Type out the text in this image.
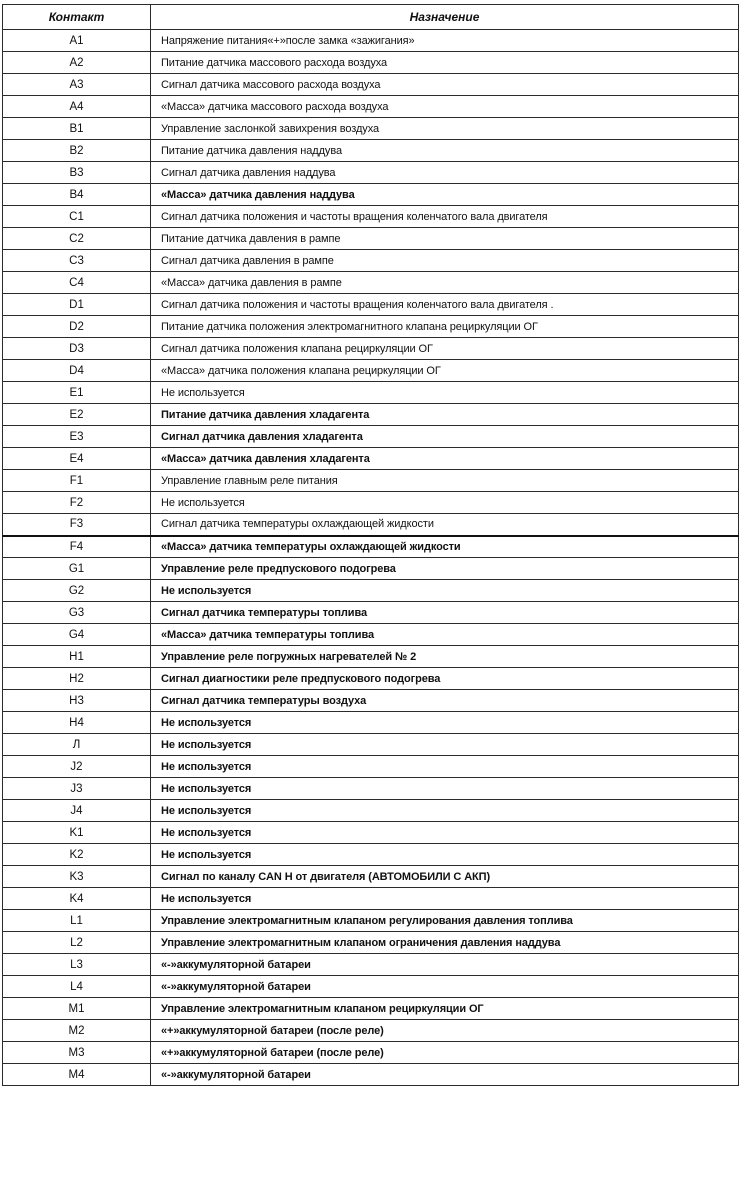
Контакт	Назначение
A1	Напряжение питания«+»после замка «зажигания»
A2	Питание датчика массового расхода воздуха
A3	Сигнал датчика массового расхода воздуха
A4	«Масса» датчика массового расхода воздуха
B1	Управление заслонкой завихрения воздуха
B2	Питание датчика давления наддува
B3	Сигнал датчика давления наддува
B4	«Масса» датчика давления наддува
C1	Сигнал датчика положения и частоты вращения коленчатого вала двигателя
C2	Питание датчика давления в рампе
C3	Сигнал датчика давления в рампе
C4	«Масса» датчика давления в рампе
D1	Сигнал датчика положения и частоты вращения коленчатого вала двигателя .
D2	Питание датчика положения электромагнитного клапана рециркуляции ОГ
D3	Сигнал датчика положения клапана рециркуляции ОГ
D4	«Масса» датчика положения клапана рециркуляции ОГ
E1	Не используется
E2	Питание датчика давления хладагента
E3	Сигнал датчика давления хладагента
E4	«Масса» датчика давления хладагента
F1	Управление главным реле питания
F2	Не используется
F3	Сигнал датчика температуры охлаждающей жидкости
F4	«Масса» датчика температуры охлаждающей жидкости
G1	Управление реле предпускового подогрева
G2	Не используется
G3	Сигнал датчика температуры топлива
G4	«Масса» датчика температуры топлива
H1	Управление реле погружных нагревателей № 2
H2	Сигнал диагностики реле предпускового подогрева
H3	Сигнал датчика температуры воздуха
H4	Не используется
Л	Не используется
J2	Не используется
J3	Не используется
J4	Не используется
K1	Не используется
K2	Не используется
K3	Сигнал по каналу CAN H от двигателя (АВТОМОБИЛИ С АКП)
K4	Не используется
L1	Управление электромагнитным клапаном регулирования давления топлива
L2	Управление электромагнитным клапаном ограничения давления наддува
L3	«-»аккумуляторной батареи
L4	«-»аккумуляторной батареи
M1	Управление электромагнитным клапаном рециркуляции ОГ
M2	«+»аккумуляторной батареи (после реле)
M3	«+»аккумуляторной батареи (после реле)
M4	«-»аккумуляторной батареи
